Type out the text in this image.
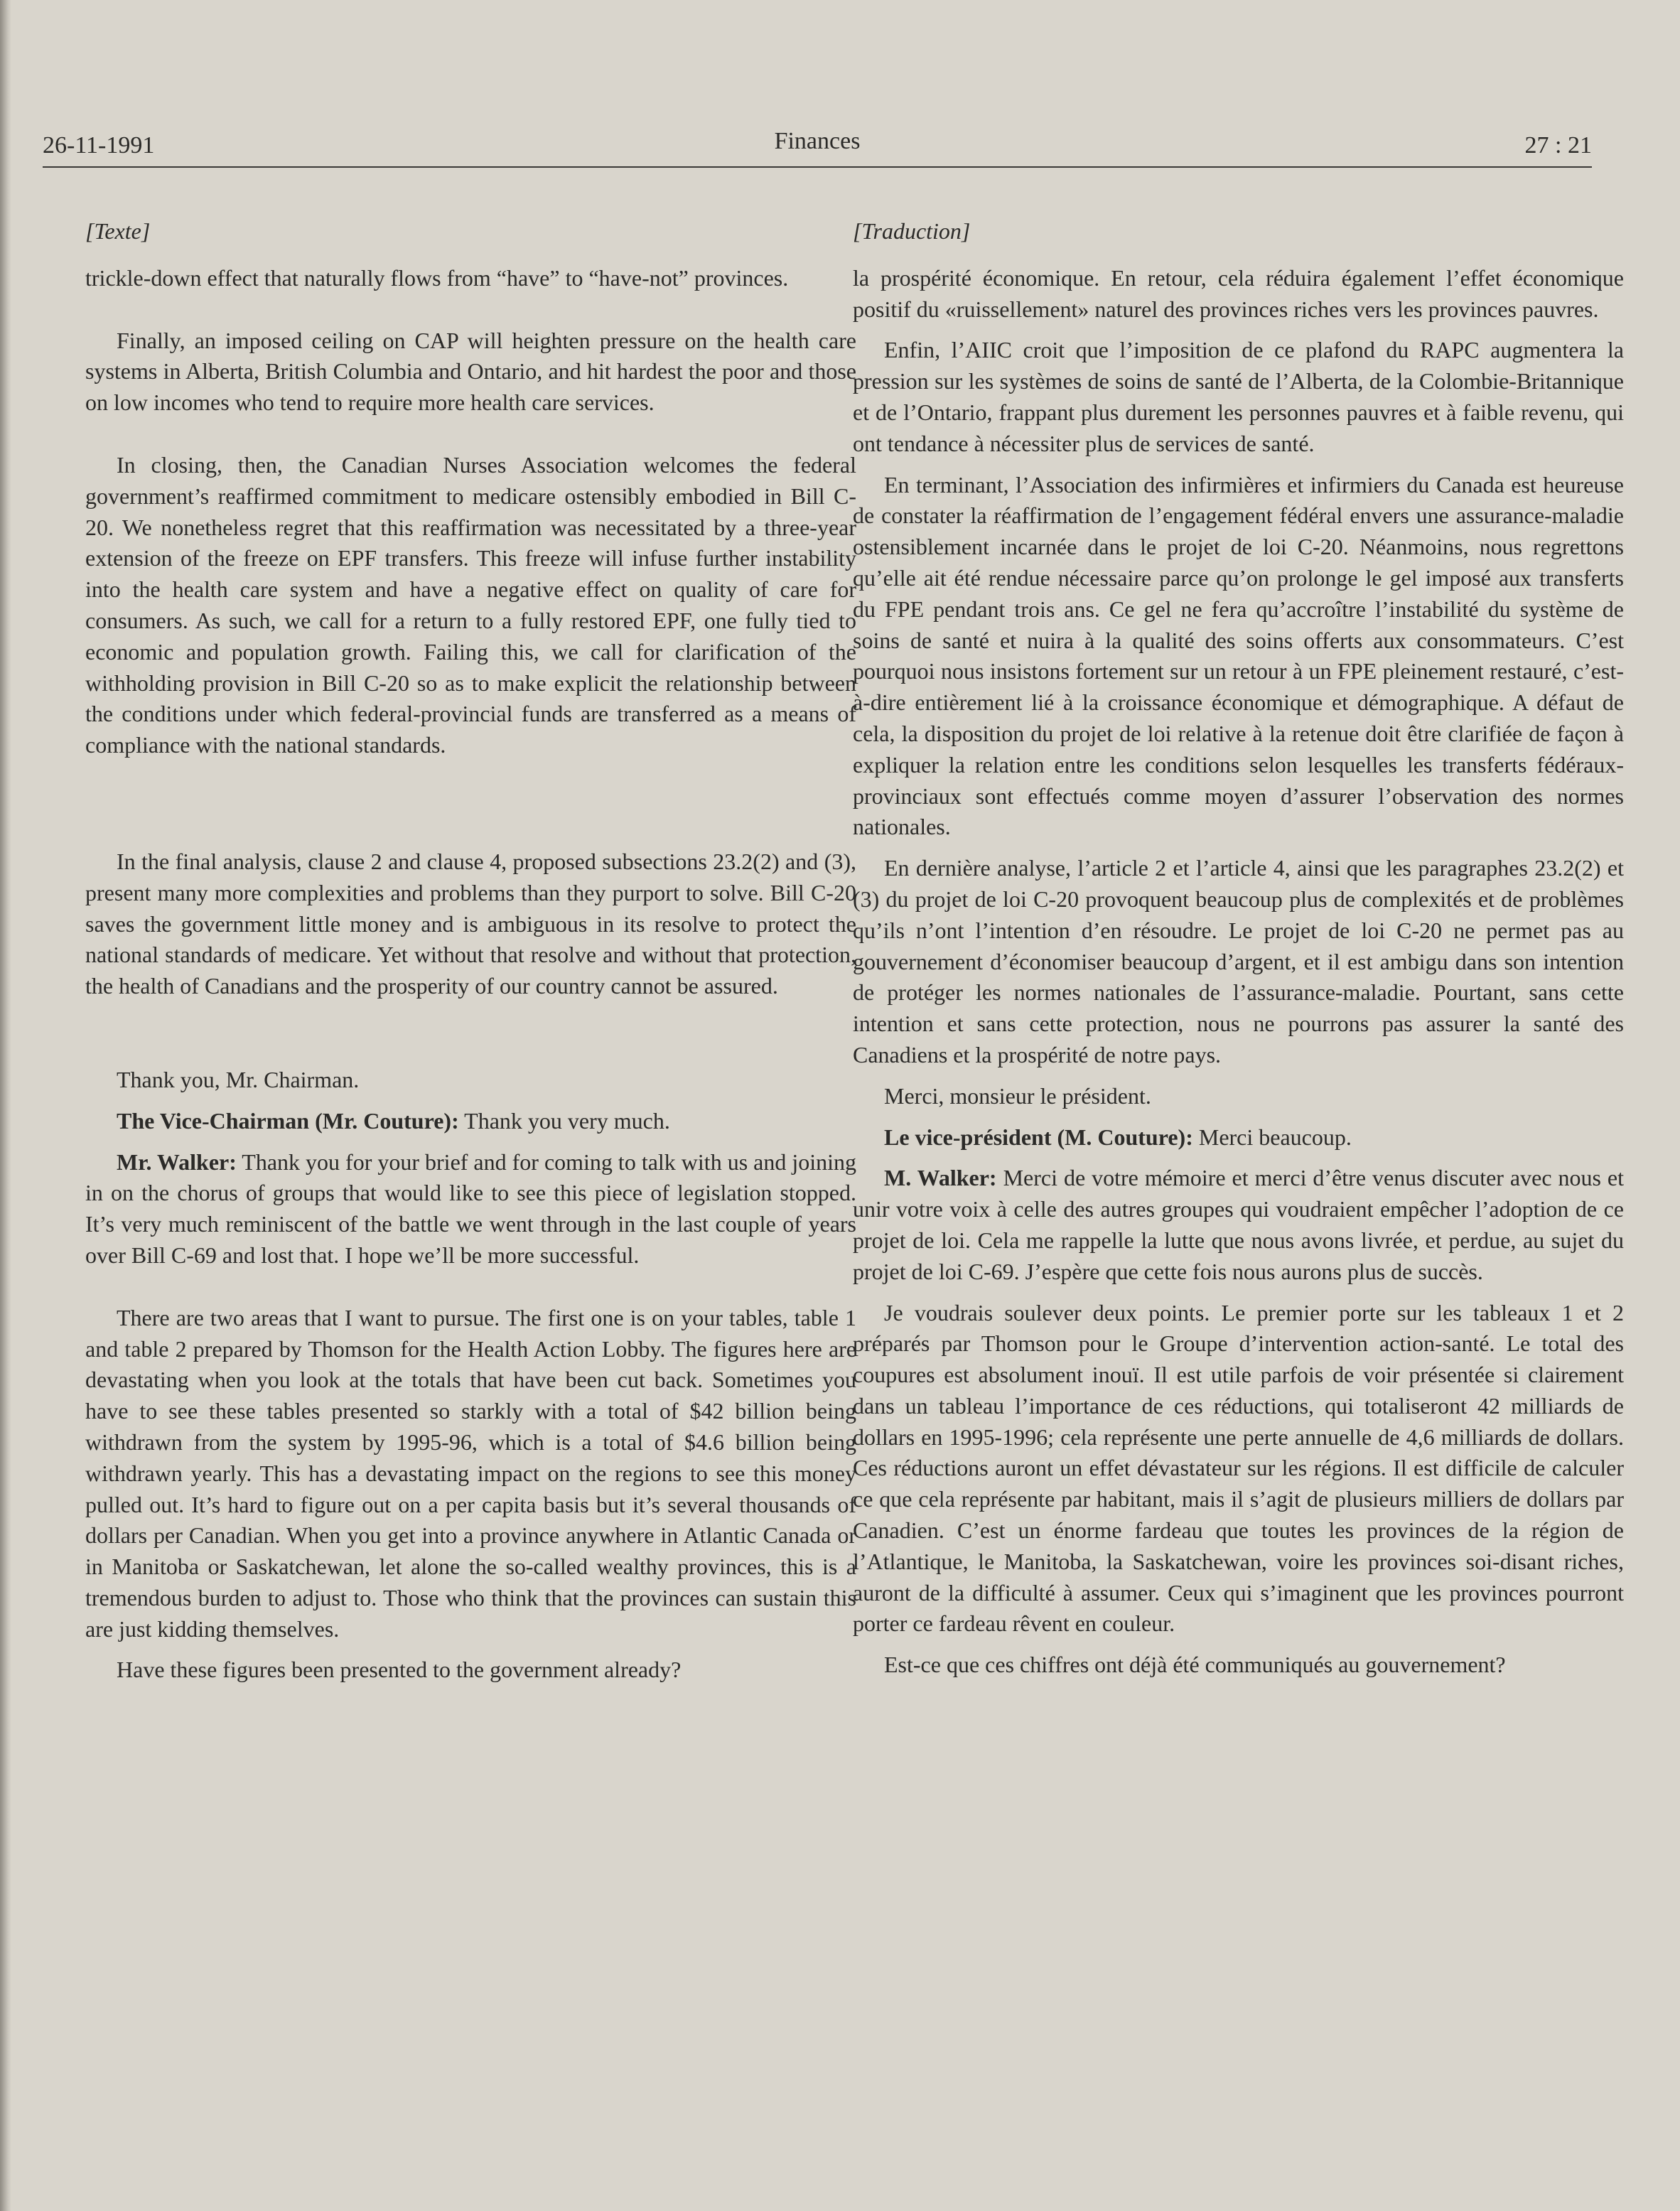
26-11-1991	Finances	27 : 21

[Texte]

trickle-down effect that naturally flows from “have” to “have-not” provinces.

Finally, an imposed ceiling on CAP will heighten pressure on the health care systems in Alberta, British Columbia and Ontario, and hit hardest the poor and those on low incomes who tend to require more health care services.

In closing, then, the Canadian Nurses Association welcomes the federal government’s reaffirmed commitment to medicare ostensibly embodied in Bill C-20. We nonetheless regret that this reaffirmation was necessitated by a three-year extension of the freeze on EPF transfers. This freeze will infuse further instability into the health care system and have a negative effect on quality of care for consumers. As such, we call for a return to a fully restored EPF, one fully tied to economic and population growth. Failing this, we call for clarification of the withholding provision in Bill C-20 so as to make explicit the relationship between the conditions under which federal-provincial funds are transferred as a means of compliance with the national standards.

In the final analysis, clause 2 and clause 4, proposed subsections 23.2(2) and (3), present many more complexities and problems than they purport to solve. Bill C-20 saves the government little money and is ambiguous in its resolve to protect the national standards of medicare. Yet without that resolve and without that protection, the health of Canadians and the prosperity of our country cannot be assured.

Thank you, Mr. Chairman.

The Vice-Chairman (Mr. Couture): Thank you very much.

Mr. Walker: Thank you for your brief and for coming to talk with us and joining in on the chorus of groups that would like to see this piece of legislation stopped. It’s very much reminiscent of the battle we went through in the last couple of years over Bill C-69 and lost that. I hope we’ll be more successful.

There are two areas that I want to pursue. The first one is on your tables, table 1 and table 2 prepared by Thomson for the Health Action Lobby. The figures here are devastating when you look at the totals that have been cut back. Sometimes you have to see these tables presented so starkly with a total of $42 billion being withdrawn from the system by 1995-96, which is a total of $4.6 billion being withdrawn yearly. This has a devastating impact on the regions to see this money pulled out. It’s hard to figure out on a per capita basis but it’s several thousands of dollars per Canadian. When you get into a province anywhere in Atlantic Canada or in Manitoba or Saskatchewan, let alone the so-called wealthy provinces, this is a tremendous burden to adjust to. Those who think that the provinces can sustain this are just kidding themselves.

Have these figures been presented to the government already?

[Traduction]

la prospérité économique. En retour, cela réduira également l’effet économique positif du «ruissellement» naturel des provinces riches vers les provinces pauvres.

Enfin, l’AIIC croit que l’imposition de ce plafond du RAPC augmentera la pression sur les systèmes de soins de santé de l’Alberta, de la Colombie-Britannique et de l’Ontario, frappant plus durement les personnes pauvres et à faible revenu, qui ont tendance à nécessiter plus de services de santé.

En terminant, l’Association des infirmières et infirmiers du Canada est heureuse de constater la réaffirmation de l’engagement fédéral envers une assurance-maladie ostensiblement incarnée dans le projet de loi C-20. Néanmoins, nous regrettons qu’elle ait été rendue nécessaire parce qu’on prolonge le gel imposé aux transferts du FPE pendant trois ans. Ce gel ne fera qu’accroître l’instabilité du système de soins de santé et nuira à la qualité des soins offerts aux consommateurs. C’est pourquoi nous insistons fortement sur un retour à un FPE pleinement restauré, c’est-à-dire entièrement lié à la croissance économique et démographique. A défaut de cela, la disposition du projet de loi relative à la retenue doit être clarifiée de façon à expliquer la relation entre les conditions selon lesquelles les transferts fédéraux-provinciaux sont effectués comme moyen d’assurer l’observation des normes nationales.

En dernière analyse, l’article 2 et l’article 4, ainsi que les paragraphes 23.2(2) et (3) du projet de loi C-20 provoquent beaucoup plus de complexités et de problèmes qu’ils n’ont l’intention d’en résoudre. Le projet de loi C-20 ne permet pas au gouvernement d’économiser beaucoup d’argent, et il est ambigu dans son intention de protéger les normes nationales de l’assurance-maladie. Pourtant, sans cette intention et sans cette protection, nous ne pourrons pas assurer la santé des Canadiens et la prospérité de notre pays.

Merci, monsieur le président.

Le vice-président (M. Couture): Merci beaucoup.

M. Walker: Merci de votre mémoire et merci d’être venus discuter avec nous et unir votre voix à celle des autres groupes qui voudraient empêcher l’adoption de ce projet de loi. Cela me rappelle la lutte que nous avons livrée, et perdue, au sujet du projet de loi C-69. J’espère que cette fois nous aurons plus de succès.

Je voudrais soulever deux points. Le premier porte sur les tableaux 1 et 2 préparés par Thomson pour le Groupe d’intervention action-santé. Le total des coupures est absolument inouï. Il est utile parfois de voir présentée si clairement dans un tableau l’importance de ces réductions, qui totaliseront 42 milliards de dollars en 1995-1996; cela représente une perte annuelle de 4,6 milliards de dollars. Ces réductions auront un effet dévastateur sur les régions. Il est difficile de calculer ce que cela représente par habitant, mais il s’agit de plusieurs milliers de dollars par Canadien. C’est un énorme fardeau que toutes les provinces de la région de l’Atlantique, le Manitoba, la Saskatchewan, voire les provinces soi-disant riches, auront de la difficulté à assumer. Ceux qui s’imaginent que les provinces pourront porter ce fardeau rêvent en couleur.

Est-ce que ces chiffres ont déjà été communiqués au gouvernement?
